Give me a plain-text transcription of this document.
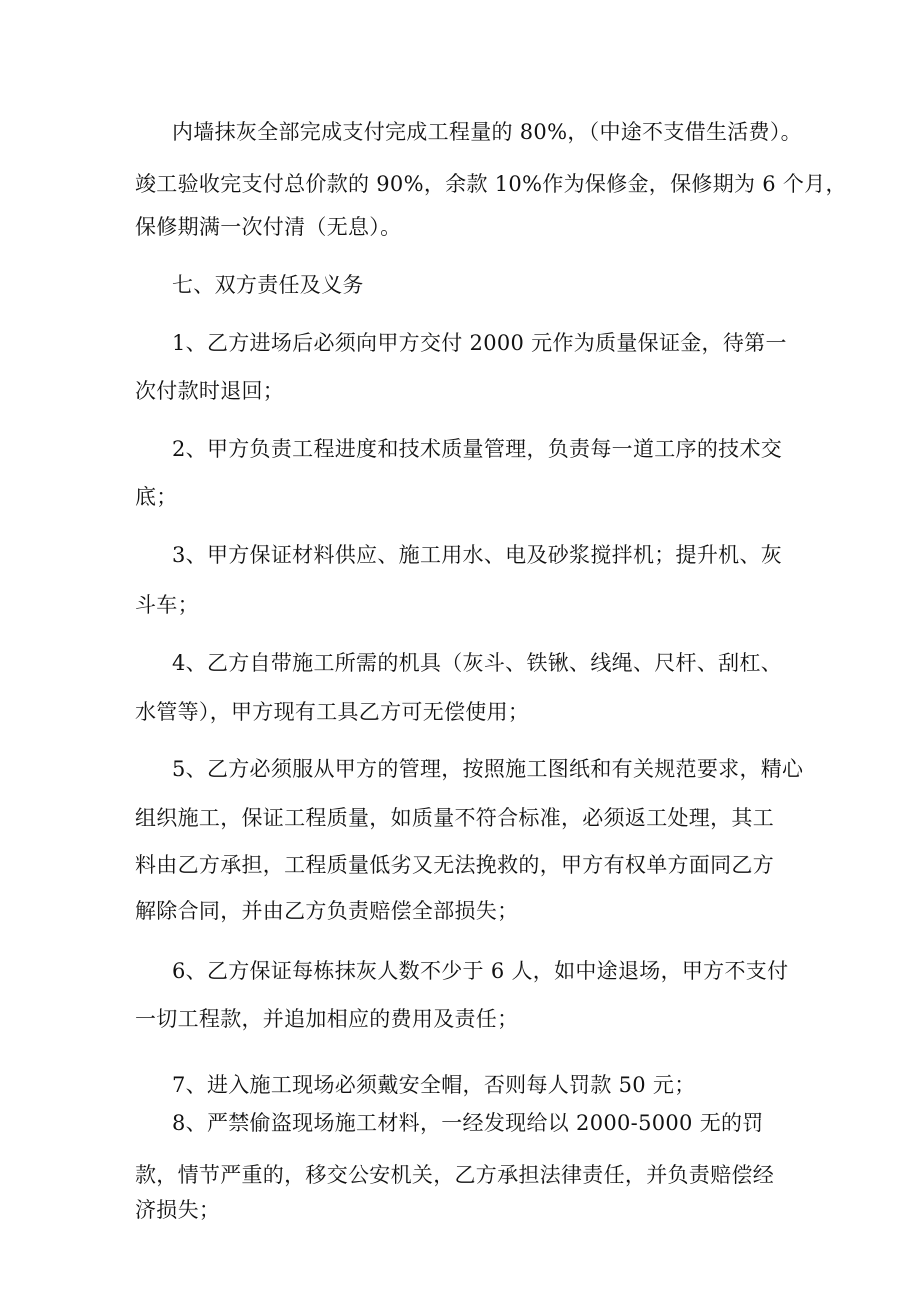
内墙抹灰全部完成支付完成工程量的 80%，（中途不支借生活费）。
竣工验收完支付总价款的 90%，余款 10%作为保修金，保修期为 6 个月，
保修期满一次付清（无息）。
七、双方责任及义务
1、乙方进场后必须向甲方交付 2000 元作为质量保证金，待第一
次付款时退回；
2、甲方负责工程进度和技术质量管理，负责每一道工序的技术交
底；
3、甲方保证材料供应、施工用水、电及砂浆搅拌机；提升机、灰
斗车；
4、乙方自带施工所需的机具（灰斗、铁锹、线绳、尺杆、刮杠、
水管等），甲方现有工具乙方可无偿使用；
5、乙方必须服从甲方的管理，按照施工图纸和有关规范要求，精心
组织施工，保证工程质量，如质量不符合标准，必须返工处理，其工
料由乙方承担，工程质量低劣又无法挽救的，甲方有权单方面同乙方
解除合同，并由乙方负责赔偿全部损失；
6、乙方保证每栋抹灰人数不少于 6 人，如中途退场，甲方不支付
一切工程款，并追加相应的费用及责任；
7、进入施工现场必须戴安全帽，否则每人罚款 50 元；
8、严禁偷盗现场施工材料，一经发现给以 2000-5000 无的罚
款，情节严重的，移交公安机关，乙方承担法律责任，并负责赔偿经
济损失；
